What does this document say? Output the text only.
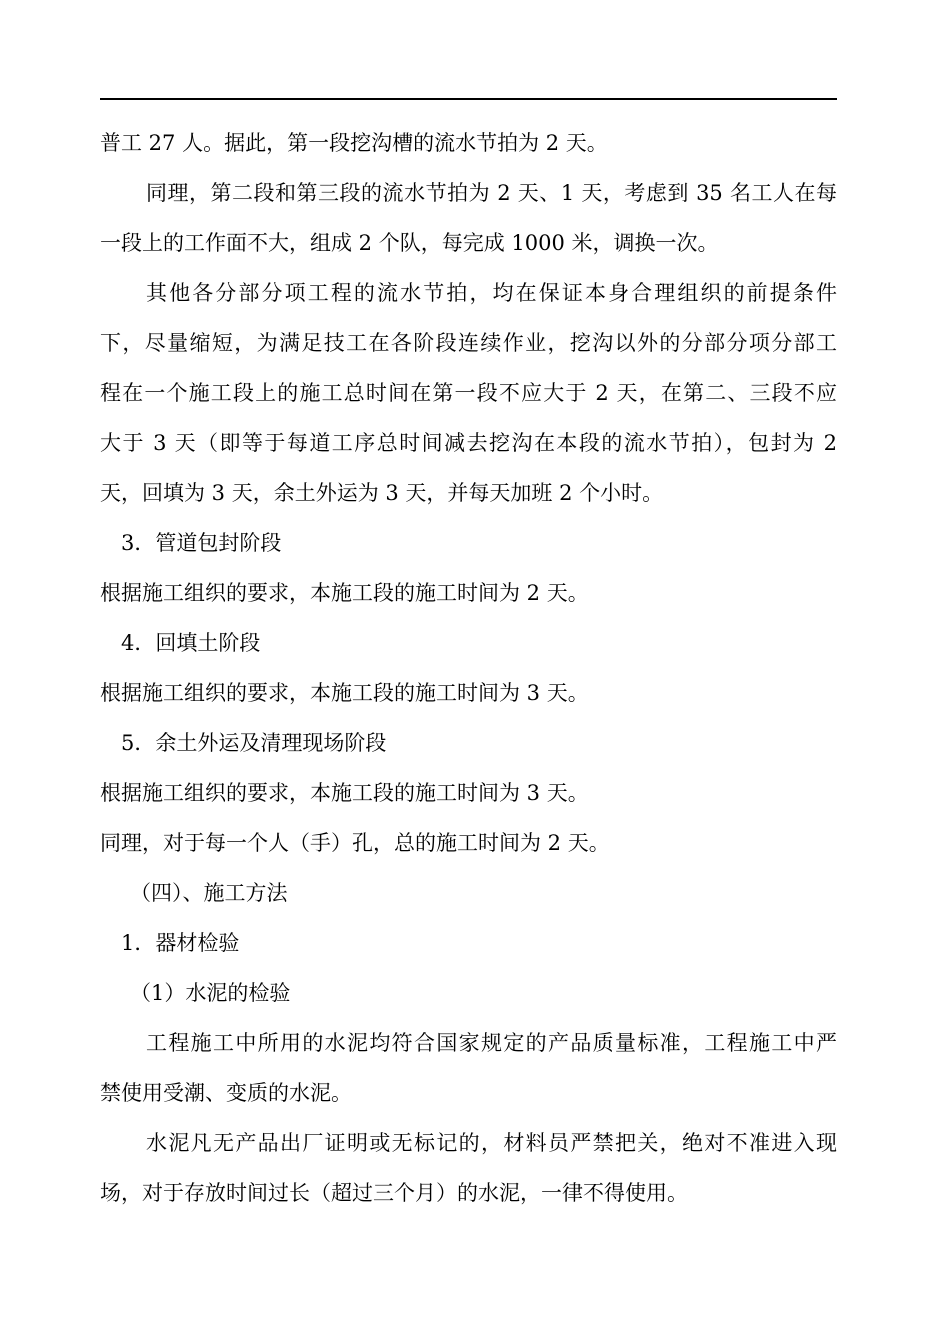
普工 27 人。据此，第一段挖沟槽的流水节拍为 2 天。
同理，第二段和第三段的流水节拍为 2 天、1 天，考虑到 35 名工人在每
一段上的工作面不大，组成 2 个队，每完成 1000 米，调换一次。
其他各分部分项工程的流水节拍，均在保证本身合理组织的前提条件
下，尽量缩短，为满足技工在各阶段连续作业，挖沟以外的分部分项分部工
程在一个施工段上的施工总时间在第一段不应大于 2 天，在第二、三段不应
大于 3 天（即等于每道工序总时间减去挖沟在本段的流水节拍），包封为 2
天，回填为 3 天，余土外运为 3 天，并每天加班 2 个小时。
3．管道包封阶段
根据施工组织的要求，本施工段的施工时间为 2 天。
4．回填土阶段
根据施工组织的要求，本施工段的施工时间为 3 天。
5．余土外运及清理现场阶段
根据施工组织的要求，本施工段的施工时间为 3 天。
同理，对于每一个人（手）孔，总的施工时间为 2 天。
（四）、施工方法
1．器材检验
（1）水泥的检验
工程施工中所用的水泥均符合国家规定的产品质量标准，工程施工中严
禁使用受潮、变质的水泥。
水泥凡无产品出厂证明或无标记的，材料员严禁把关，绝对不准进入现
场，对于存放时间过长（超过三个月）的水泥，一律不得使用。
